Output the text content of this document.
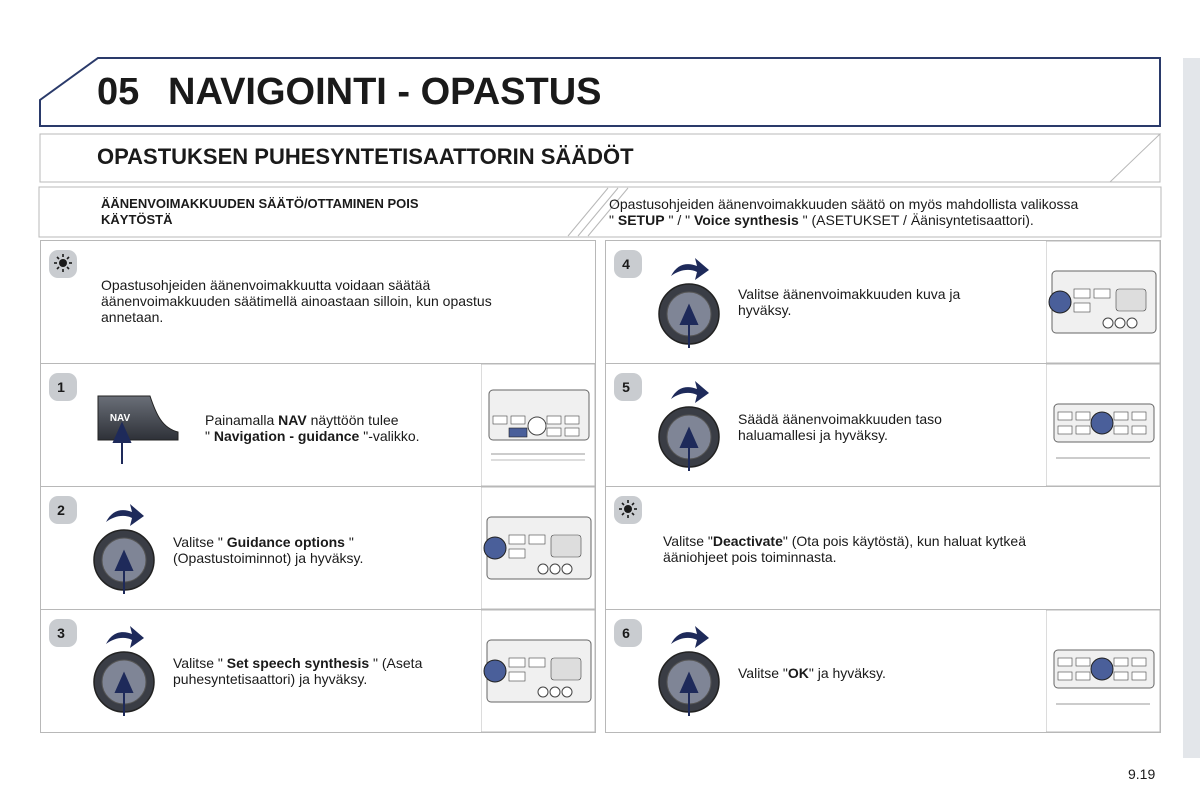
05 NAVIGOINTI - OPASTUS
OPASTUKSEN PUHESYNTETISAATTORIN SÄÄDÖT
ÄÄNENVOIMAKKUUDEN SÄÄTÖ/OTTAMINEN POIS
KÄYTÖSTÄ
Opastusohjeiden äänenvoimakkuuden säätö on myös mahdollista valikossa
" SETUP " / " Voice synthesis " (ASETUKSET / Äänisyntetisaattori).
Opastusohjeiden äänenvoimakkuutta voidaan säätää
äänenvoimakkuuden säätimellä ainoastaan silloin, kun opastus
annetaan.
1
NAV	Painamalla NAV näyttöön tulee
" Navigation - guidance "-valikko.
2
Valitse " Guidance options "
(Opastustoiminnot) ja hyväksy.
3
Valitse " Set speech synthesis " (Aseta
puhesyntetisaattori) ja hyväksy.
4
Valitse äänenvoimakkuuden kuva ja
hyväksy.
5
Säädä äänenvoimakkuuden taso
haluamallesi ja hyväksy.
Valitse "Deactivate" (Ota pois käytöstä), kun haluat kytkeä
ääniohjeet pois toiminnasta.
6
Valitse "OK" ja hyväksy.
9.19
